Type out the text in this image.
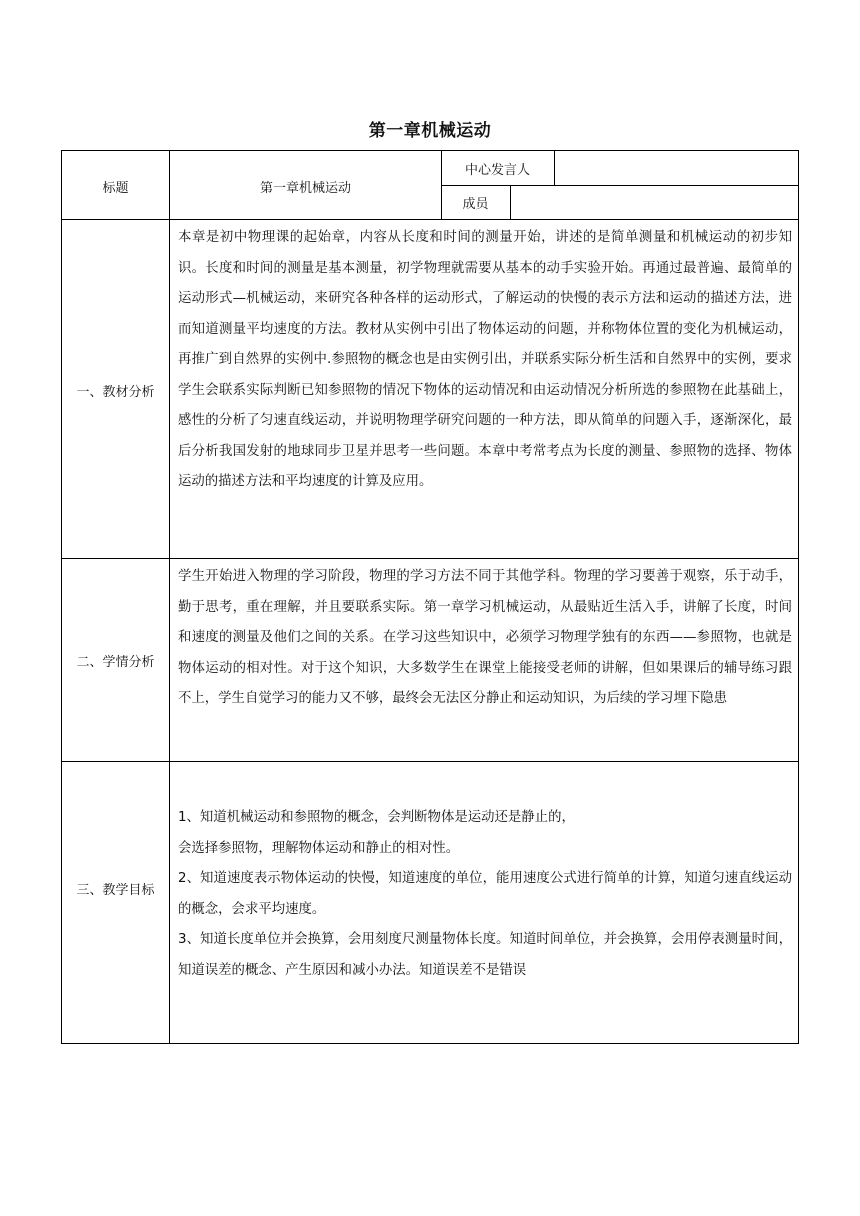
第一章机械运动
标题	第一章机械运动
中心发言人
成员
一、教材分析
本章是初中物理课的起始章，内容从长度和时间的测量开始，讲述的是简单测量和机械运动的初步知识。长度和时间的测量是基本测量，初学物理就需要从基本的动手实验开始。再通过最普遍、最简单的运动形式—机械运动，来研究各种各样的运动形式，了解运动的快慢的表示方法和运动的描述方法，进而知道测量平均速度的方法。教材从实例中引出了物体运动的问题，并称物体位置的变化为机械运动，再推广到自然界的实例中.参照物的概念也是由实例引出，并联系实际分析生活和自然界中的实例，要求学生会联系实际判断已知参照物的情况下物体的运动情况和由运动情况分析所选的参照物在此基础上，感性的分析了匀速直线运动，并说明物理学研究问题的一种方法，即从简单的问题入手，逐渐深化，最后分析我国发射的地球同步卫星并思考一些问题。本章中考常考点为长度的测量、参照物的选择、物体运动的描述方法和平均速度的计算及应用。
二、学情分析
学生开始进入物理的学习阶段，物理的学习方法不同于其他学科。物理的学习要善于观察，乐于动手，勤于思考，重在理解，并且要联系实际。第一章学习机械运动，从最贴近生活入手，讲解了长度，时间和速度的测量及他们之间的关系。在学习这些知识中，必须学习物理学独有的东西——参照物，也就是物体运动的相对性。对于这个知识，大多数学生在课堂上能接受老师的讲解，但如果课后的辅导练习跟不上，学生自觉学习的能力又不够，最终会无法区分静止和运动知识，为后续的学习埋下隐患
三、教学目标

1、知道机械运动和参照物的概念，会判断物体是运动还是静止的，

会选择参照物，理解物体运动和静止的相对性。

2、知道速度表示物体运动的快慢，知道速度的单位，能用速度公式进行简单的计算，知道匀速直线运动的概念，会求平均速度。

3、知道长度单位并会换算，会用刻度尺测量物体长度。知道时间单位，并会换算，会用停表测量时间，知道误差的概念、产生原因和减小办法。知道误差不是错误
